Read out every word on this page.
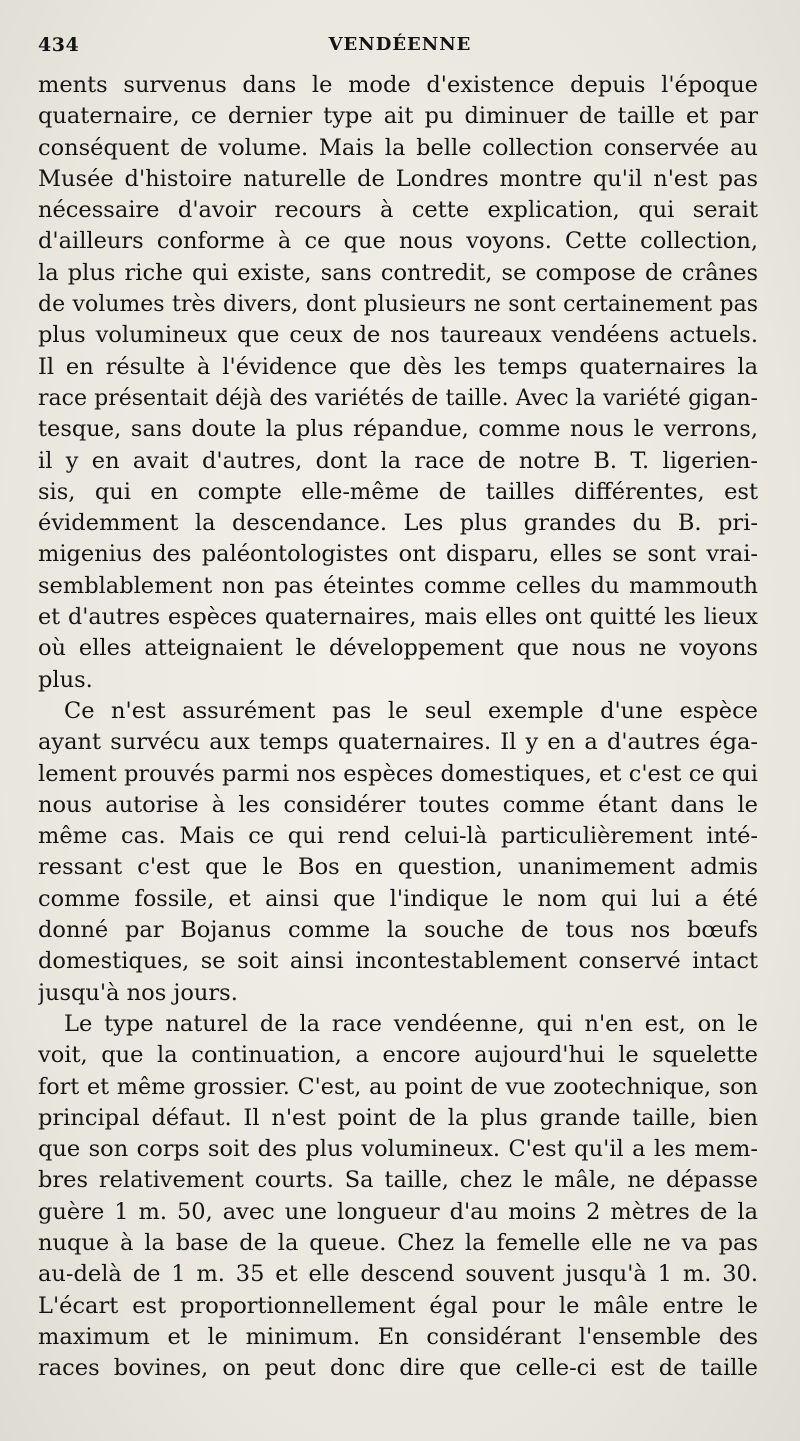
434	VENDÉENNE
ments survenus dans le mode d'existence depuis l'époque
quaternaire, ce dernier type ait pu diminuer de taille et par
conséquent de volume. Mais la belle collection conservée au
Musée d'histoire naturelle de Londres montre qu'il n'est pas
nécessaire d'avoir recours à cette explication, qui serait
d'ailleurs conforme à ce que nous voyons. Cette collection,
la plus riche qui existe, sans contredit, se compose de crânes
de volumes très divers, dont plusieurs ne sont certainement pas
plus volumineux que ceux de nos taureaux vendéens actuels.
Il en résulte à l'évidence que dès les temps quaternaires la
race présentait déjà des variétés de taille. Avec la variété gigan-
tesque, sans doute la plus répandue, comme nous le verrons,
il y en avait d'autres, dont la race de notre B. T. ligerien-
sis, qui en compte elle-même de tailles différentes, est
évidemment la descendance. Les plus grandes du B. pri-
migenius des paléontologistes ont disparu, elles se sont vrai-
semblablement non pas éteintes comme celles du mammouth
et d'autres espèces quaternaires, mais elles ont quitté les lieux
où elles atteignaient le développement que nous ne voyons
plus.
Ce n'est assurément pas le seul exemple d'une espèce
ayant survécu aux temps quaternaires. Il y en a d'autres éga-
lement prouvés parmi nos espèces domestiques, et c'est ce qui
nous autorise à les considérer toutes comme étant dans le
même cas. Mais ce qui rend celui-là particulièrement inté-
ressant c'est que le Bos en question, unanimement admis
comme fossile, et ainsi que l'indique le nom qui lui a été
donné par Bojanus comme la souche de tous nos bœufs
domestiques, se soit ainsi incontestablement conservé intact
jusqu'à nos jours.
Le type naturel de la race vendéenne, qui n'en est, on le
voit, que la continuation, a encore aujourd'hui le squelette
fort et même grossier. C'est, au point de vue zootechnique, son
principal défaut. Il n'est point de la plus grande taille, bien
que son corps soit des plus volumineux. C'est qu'il a les mem-
bres relativement courts. Sa taille, chez le mâle, ne dépasse
guère 1 m. 50, avec une longueur d'au moins 2 mètres de la
nuque à la base de la queue. Chez la femelle elle ne va pas
au-delà de 1 m. 35 et elle descend souvent jusqu'à 1 m. 30.
L'écart est proportionnellement égal pour le mâle entre le
maximum et le minimum. En considérant l'ensemble des
races bovines, on peut donc dire que celle-ci est de taille
